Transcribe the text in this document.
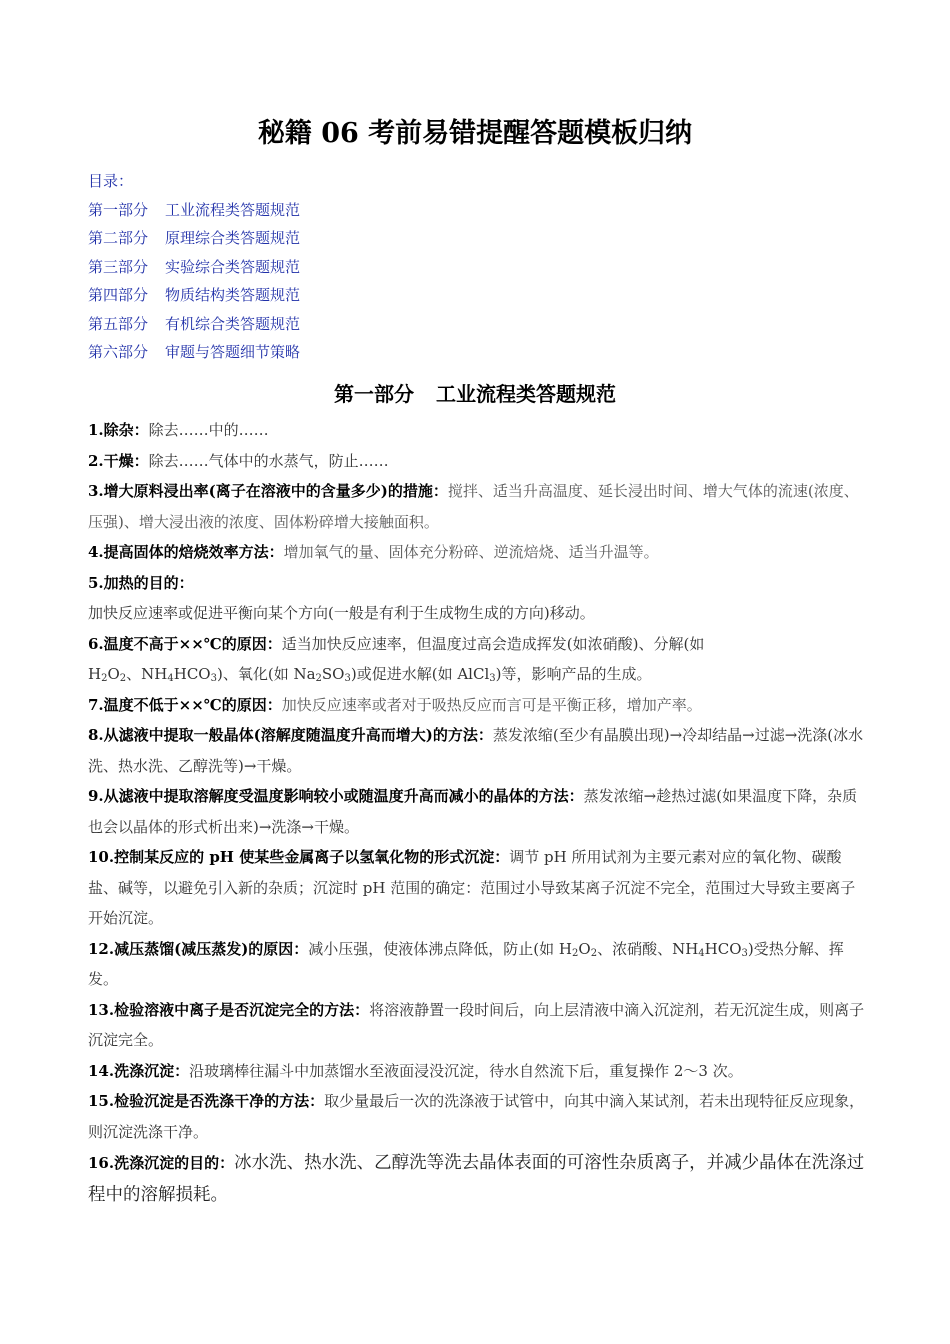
秘籍 06 考前易错提醒答题模板归纳
目录：
第一部分 工业流程类答题规范
第二部分 原理综合类答题规范
第三部分 实验综合类答题规范
第四部分 物质结构类答题规范
第五部分 有机综合类答题规范
第六部分 审题与答题细节策略
第一部分 工业流程类答题规范

1.除杂：除去……中的……

2.干燥：除去……气体中的水蒸气，防止……

3.增大原料浸出率(离子在溶液中的含量多少)的措施：搅拌、适当升高温度、延长浸出时间、增大气体的流速(浓度、压强)、增大浸出液的浓度、固体粉碎增大接触面积。

4.提高固体的焙烧效率方法：增加氧气的量、固体充分粉碎、逆流焙烧、适当升温等。

5.加热的目的：
加快反应速率或促进平衡向某个方向(一般是有利于生成物生成的方向)移动。

6.温度不高于××℃的原因：适当加快反应速率，但温度过高会造成挥发(如浓硝酸)、分解(如
$H_2O_2$、$NH_4HCO_3$)、氧化(如 $Na_2SO_3$)或促进水解(如 AlCl$_3$)等，影响产品的生成。

7.温度不低于××℃的原因：加快反应速率或者对于吸热反应而言可是平衡正移，增加产率。

8.从滤液中提取一般晶体(溶解度随温度升高而增大)的方法：蒸发浓缩(至少有晶膜出现)→冷却结晶→过滤→洗涤(冰水洗、热水洗、乙醇洗等)→干燥。

9.从滤液中提取溶解度受温度影响较小或随温度升高而减小的晶体的方法：蒸发浓缩→趁热过滤(如果温度下降，杂质也会以晶体的形式析出来)→洗涤→干燥。

10.控制某反应的 pH 使某些金属离子以氢氧化物的形式沉淀：调节 pH 所用试剂为主要元素对应的氧化物、碳酸盐、碱等，以避免引入新的杂质；沉淀时 pH 范围的确定：范围过小导致某离子沉淀不完全，范围过大导致主要离子开始沉淀。

12.减压蒸馏(减压蒸发)的原因：减小压强，使液体沸点降低，防止(如 $H_2O_2$、浓硝酸、$NH_4HCO_3$)受热分解、挥发。

13.检验溶液中离子是否沉淀完全的方法：将溶液静置一段时间后，向上层清液中滴入沉淀剂，若无沉淀生成，则离子沉淀完全。

14.洗涤沉淀：沿玻璃棒往漏斗中加蒸馏水至液面浸没沉淀，待水自然流下后，重复操作 2～3 次。

15.检验沉淀是否洗涤干净的方法：取少量最后一次的洗涤液于试管中，向其中滴入某试剂，若未出现特征反应现象，则沉淀洗涤干净。

16.洗涤沉淀的目的：冰水洗、热水洗、乙醇洗等洗去晶体表面的可溶性杂质离子，并减少晶体在洗涤过程中的溶解损耗。
